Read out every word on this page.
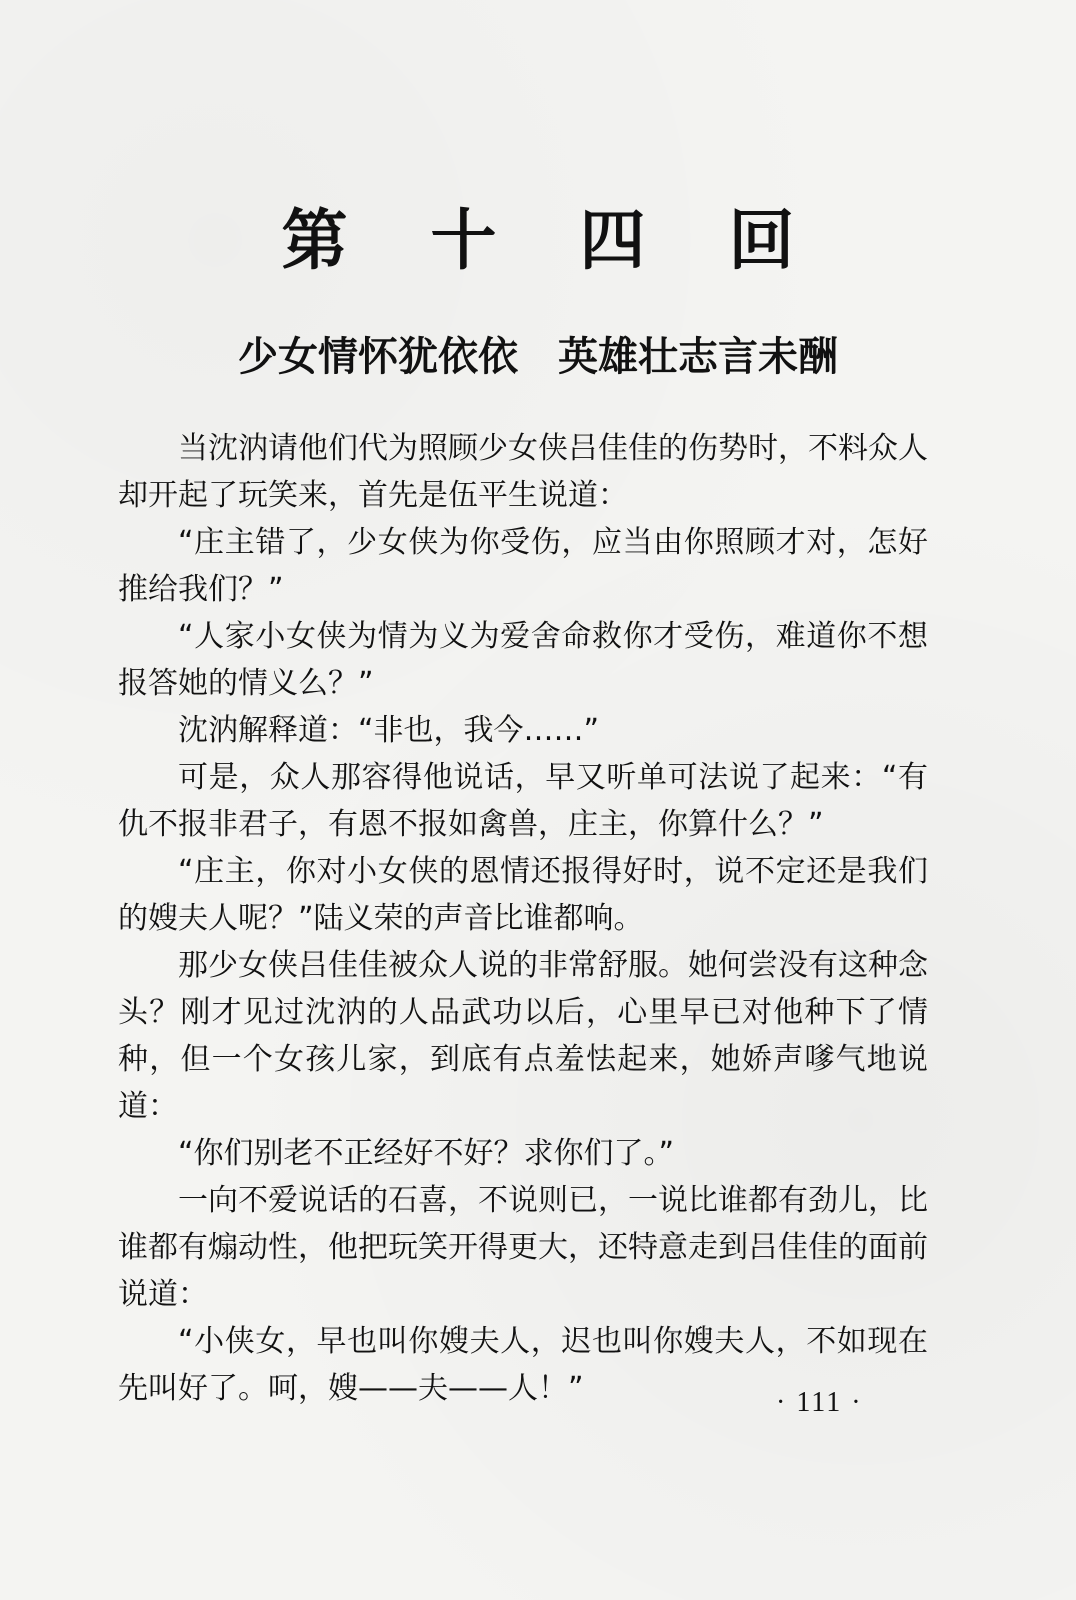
第 十 四 回
少女情怀犹依依　英雄壮志言未酬

当沈汭请他们代为照顾少女侠吕佳佳的伤势时，不料众人却开起了玩笑来，首先是伍平生说道：

“庄主错了，少女侠为你受伤，应当由你照顾才对，怎好推给我们？”

“人家小女侠为情为义为爱舍命救你才受伤，难道你不想报答她的情义么？”

沈汭解释道：“非也，我今……”

可是，众人那容得他说话，早又听单可法说了起来：“有仇不报非君子，有恩不报如禽兽，庄主，你算什么？”

“庄主，你对小女侠的恩情还报得好时，说不定还是我们的嫂夫人呢？”陆义荣的声音比谁都响。

那少女侠吕佳佳被众人说的非常舒服。她何尝没有这种念头？刚才见过沈汭的人品武功以后，心里早已对他种下了情种，但一个女孩儿家，到底有点羞怯起来，她娇声嗲气地说道：

“你们别老不正经好不好？求你们了。”

一向不爱说话的石喜，不说则已，一说比谁都有劲儿，比谁都有煽动性，他把玩笑开得更大，还特意走到吕佳佳的面前说道：

“小侠女，早也叫你嫂夫人，迟也叫你嫂夫人，不如现在先叫好了。呵，嫂——夫——人！”	· 111 ·
